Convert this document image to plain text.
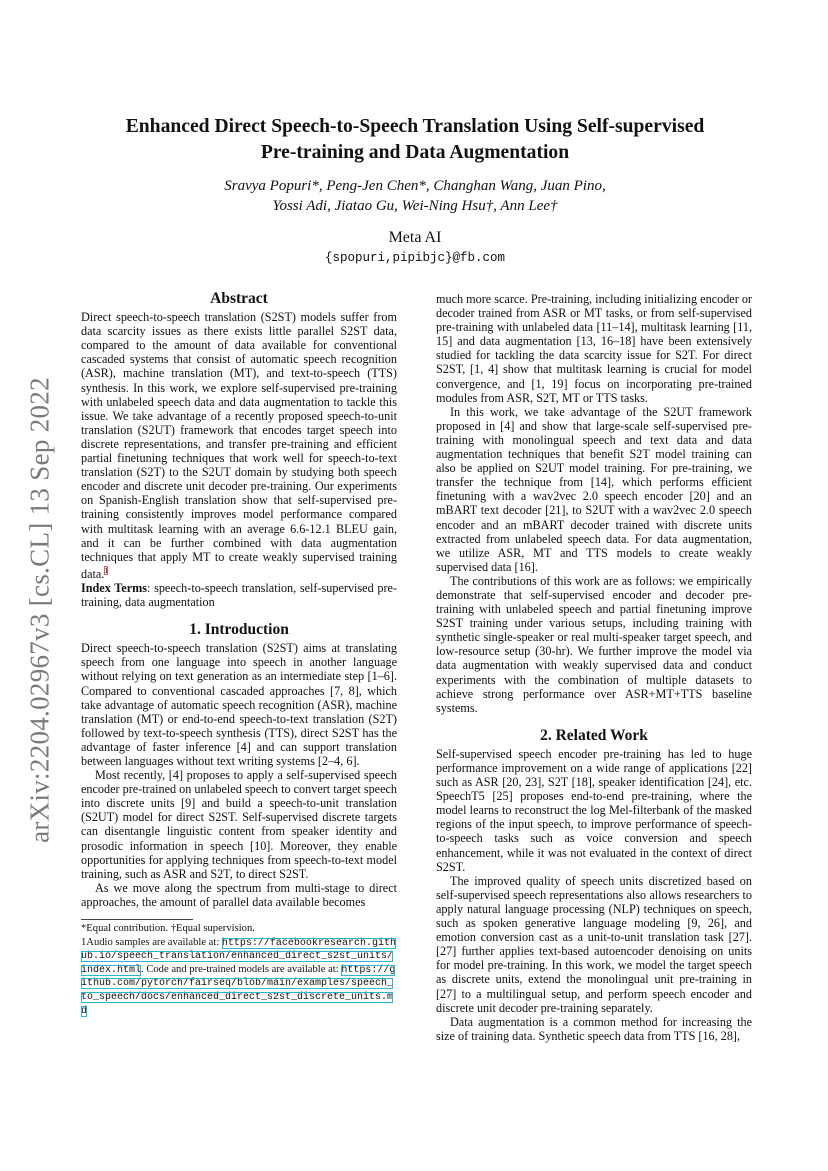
arXiv:2204.02967v3 [cs.CL] 13 Sep 2022
Enhanced Direct Speech-to-Speech Translation Using Self-supervised
Pre-training and Data Augmentation
Sravya Popuri*, Peng-Jen Chen*, Changhan Wang, Juan Pino,
Yossi Adi, Jiatao Gu, Wei-Ning Hsu†, Ann Lee†
Meta AI
{spopuri,pipibjc}@fb.com
Abstract

Direct speech-to-speech translation (S2ST) models suffer from data scarcity issues as there exists little parallel S2ST data, compared to the amount of data available for conventional cascaded systems that consist of automatic speech recognition (ASR), machine translation (MT), and text-to-speech (TTS) synthesis. In this work, we explore self-supervised pre-training with unlabeled speech data and data augmentation to tackle this issue. We take advantage of a recently proposed speech-to-unit translation (S2UT) framework that encodes target speech into discrete representations, and transfer pre-training and efficient partial finetuning techniques that work well for speech-to-text translation (S2T) to the S2UT domain by studying both speech encoder and discrete unit decoder pre-training. Our experiments on Spanish-English translation show that self-supervised pre-training consistently improves model performance compared with multitask learning with an average 6.6-12.1 BLEU gain, and it can be further combined with data augmentation techniques that apply MT to create weakly supervised training data.$^1$

Index Terms: speech-to-speech translation, self-supervised pre-training, data augmentation

1. Introduction

Direct speech-to-speech translation (S2ST) aims at translating speech from one language into speech in another language without relying on text generation as an intermediate step [1–6]. Compared to conventional cascaded approaches [7, 8], which take advantage of automatic speech recognition (ASR), machine translation (MT) or end-to-end speech-to-text translation (S2T) followed by text-to-speech synthesis (TTS), direct S2ST has the advantage of faster inference [4] and can support translation between languages without text writing systems [2–4, 6].

Most recently, [4] proposes to apply a self-supervised speech encoder pre-trained on unlabeled speech to convert target speech into discrete units [9] and build a speech-to-unit translation (S2UT) model for direct S2ST. Self-supervised discrete targets can disentangle linguistic content from speaker identity and prosodic information in speech [10]. Moreover, they enable opportunities for applying techniques from speech-to-text model training, such as ASR and S2T, to direct S2ST.

As we move along the spectrum from multi-stage to direct approaches, the amount of parallel data available becomes

*Equal contribution. †Equal supervision.

1Audio samples are available at: https://facebookresearch.github.io/speech_translation/enhanced_direct_s2st_units/index.html. Code and pre-trained models are available at: https://github.com/pytorch/fairseq/blob/main/examples/speech_to_speech/docs/enhanced_direct_s2st_discrete_units.md

much more scarce. Pre-training, including initializing encoder or decoder trained from ASR or MT tasks, or from self-supervised pre-training with unlabeled data [11–14], multitask learning [11, 15] and data augmentation [13, 16–18] have been extensively studied for tackling the data scarcity issue for S2T. For direct S2ST, [1, 4] show that multitask learning is crucial for model convergence, and [1, 19] focus on incorporating pre-trained modules from ASR, S2T, MT or TTS tasks.

In this work, we take advantage of the S2UT framework proposed in [4] and show that large-scale self-supervised pre-training with monolingual speech and text data and data augmentation techniques that benefit S2T model training can also be applied on S2UT model training. For pre-training, we transfer the technique from [14], which performs efficient finetuning with a wav2vec 2.0 speech encoder [20] and an mBART text decoder [21], to S2UT with a wav2vec 2.0 speech encoder and an mBART decoder trained with discrete units extracted from unlabeled speech data. For data augmentation, we utilize ASR, MT and TTS models to create weakly supervised data [16].

The contributions of this work are as follows: we empirically demonstrate that self-supervised encoder and decoder pre-training with unlabeled speech and partial finetuning improve S2ST training under various setups, including training with synthetic single-speaker or real multi-speaker target speech, and low-resource setup (30-hr). We further improve the model via data augmentation with weakly supervised data and conduct experiments with the combination of multiple datasets to achieve strong performance over ASR+MT+TTS baseline systems.

2. Related Work

Self-supervised speech encoder pre-training has led to huge performance improvement on a wide range of applications [22] such as ASR [20, 23], S2T [18], speaker identification [24], etc. SpeechT5 [25] proposes end-to-end pre-training, where the model learns to reconstruct the log Mel-filterbank of the masked regions of the input speech, to improve performance of speech-to-speech tasks such as voice conversion and speech enhancement, while it was not evaluated in the context of direct S2ST.

The improved quality of speech units discretized based on self-supervised speech representations also allows researchers to apply natural language processing (NLP) techniques on speech, such as spoken generative language modeling [9, 26], and emotion conversion cast as a unit-to-unit translation task [27]. [27] further applies text-based autoencoder denoising on units for model pre-training. In this work, we model the target speech as discrete units, extend the monolingual unit pre-training in [27] to a multilingual setup, and perform speech encoder and discrete unit decoder pre-training separately.

Data augmentation is a common method for increasing the size of training data. Synthetic speech data from TTS [16, 28],
